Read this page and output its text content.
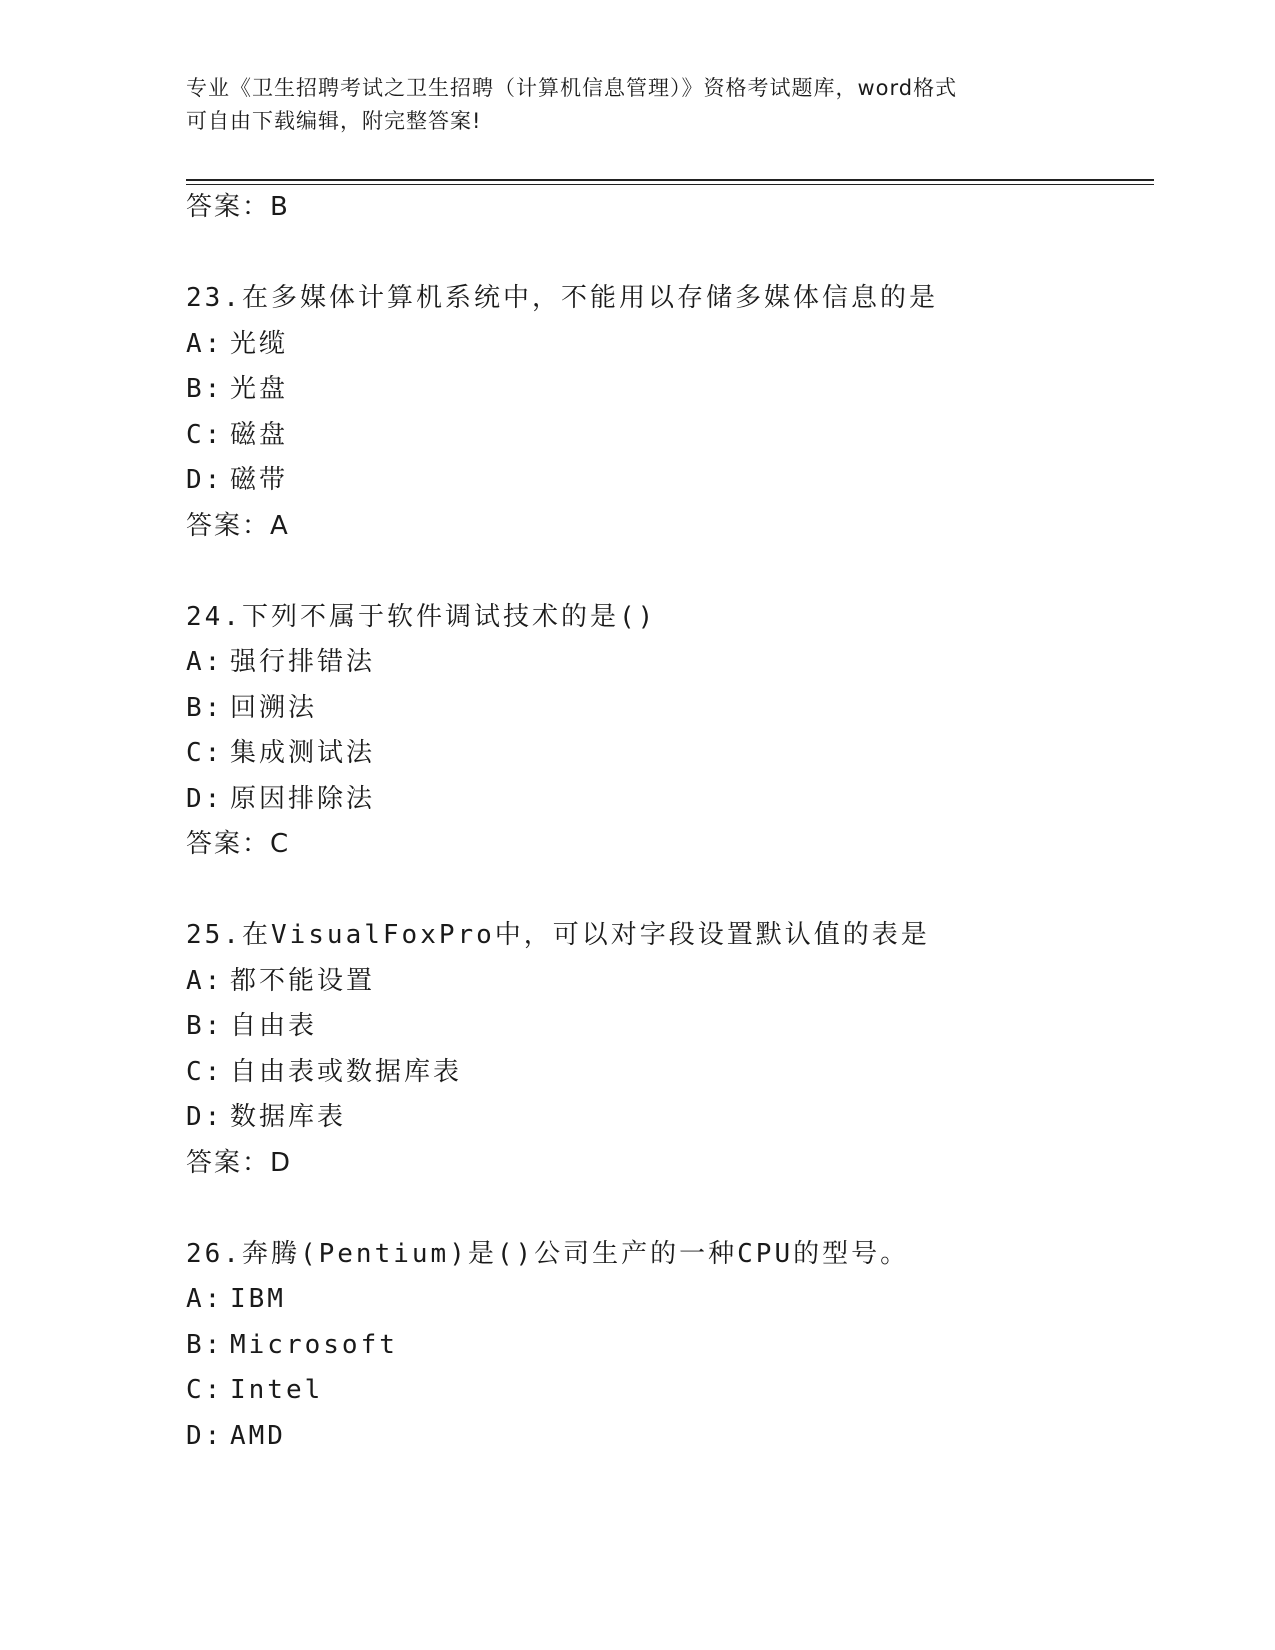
专业《卫生招聘考试之卫生招聘（计算机信息管理）》资格考试题库，word格式
可自由下载编辑，附完整答案!
答案：B
23.在多媒体计算机系统中，不能用以存储多媒体信息的是
A: 光缆
B: 光盘
C: 磁盘
D: 磁带
答案：A
24.下列不属于软件调试技术的是()
A: 强行排错法
B: 回溯法
C: 集成测试法
D: 原因排除法
答案：C
25.在VisualFoxPro中，可以对字段设置默认值的表是
A: 都不能设置
B: 自由表
C: 自由表或数据库表
D: 数据库表
答案：D
26.奔腾(Pentium)是()公司生产的一种CPU的型号。
A: IBM
B: Microsoft
C: Intel
D: AMD
